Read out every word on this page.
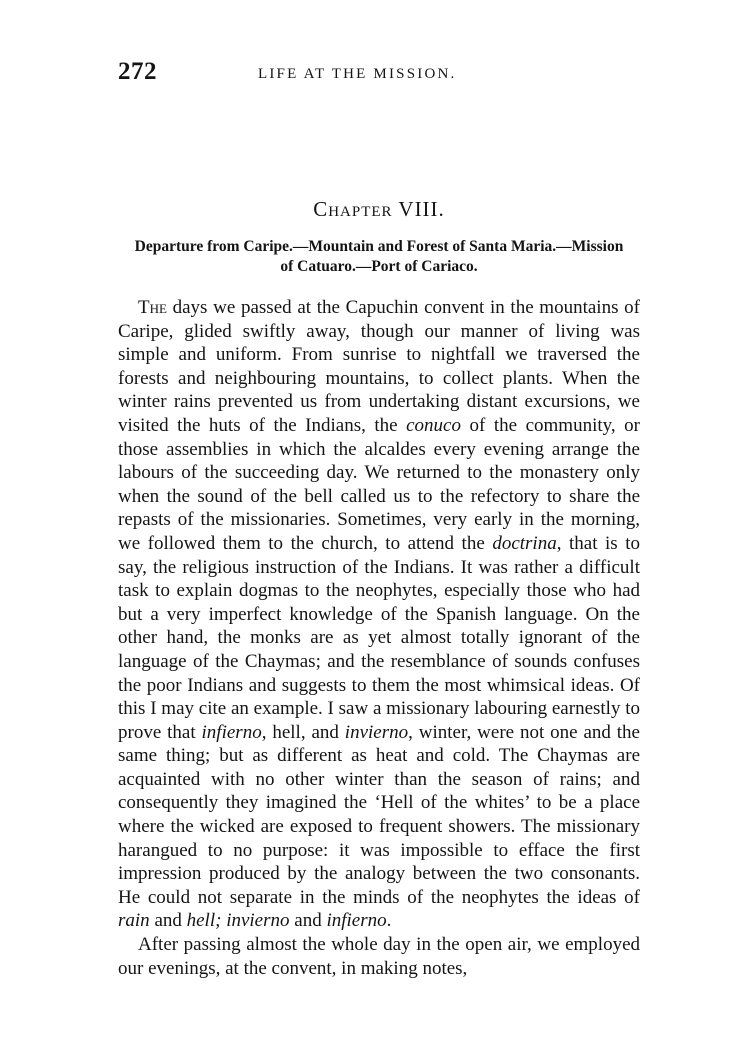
272	LIFE AT THE MISSION.
Chapter VIII.
Departure from Caripe.—Mountain and Forest of Santa Maria.—Mission
of Catuaro.—Port of Cariaco.

The days we passed at the Capuchin convent in the mountains of Caripe, glided swiftly away, though our manner of living was simple and uniform. From sunrise to nightfall we traversed the forests and neighbouring mountains, to collect plants. When the winter rains prevented us from undertaking distant excursions, we visited the huts of the Indians, the conuco of the community, or those assemblies in which the alcaldes every evening arrange the labours of the succeeding day. We returned to the monastery only when the sound of the bell called us to the refectory to share the repasts of the missionaries. Sometimes, very early in the morning, we followed them to the church, to attend the doctrina, that is to say, the religious instruction of the Indians. It was rather a difficult task to explain dogmas to the neophytes, especially those who had but a very imperfect knowledge of the Spanish language. On the other hand, the monks are as yet almost totally ignorant of the language of the Chaymas; and the resemblance of sounds confuses the poor Indians and suggests to them the most whimsical ideas. Of this I may cite an example. I saw a missionary labouring earnestly to prove that infierno, hell, and invierno, winter, were not one and the same thing; but as different as heat and cold. The Chaymas are acquainted with no other winter than the season of rains; and consequently they imagined the ‘Hell of the whites’ to be a place where the wicked are exposed to frequent showers. The missionary harangued to no purpose: it was impossible to efface the first impression produced by the analogy between the two consonants. He could not separate in the minds of the neophytes the ideas of rain and hell; invierno and infierno.

After passing almost the whole day in the open air, we employed our evenings, at the convent, in making notes,
